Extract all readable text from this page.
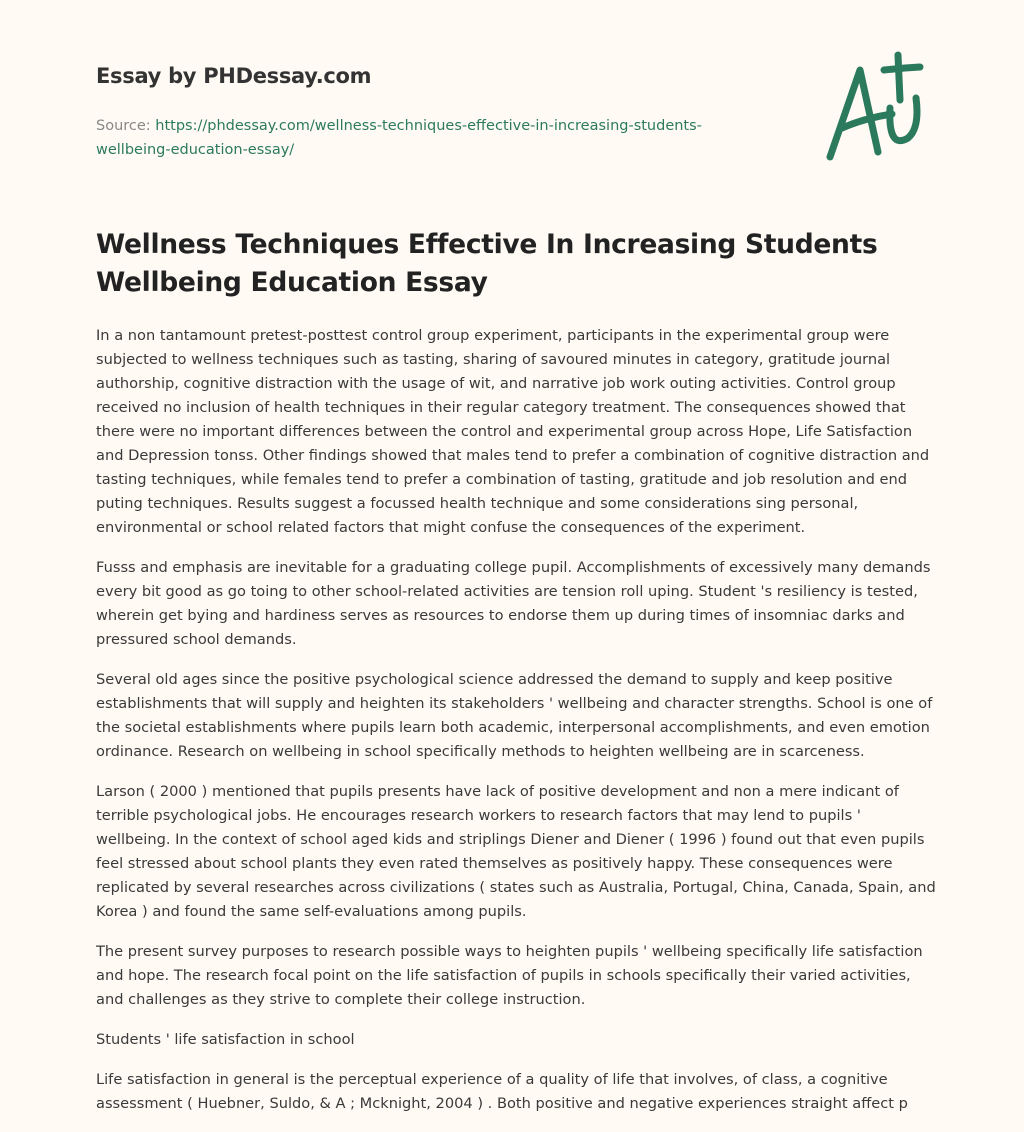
Essay by PHDessay.com
Source: https://phdessay.com/wellness-techniques-effective-in-increasing-students-wellbeing-education-essay/
Wellness Techniques Effective In Increasing Students Wellbeing Education Essay

In a non tantamount pretest-posttest control group experiment, participants in the experimental group were subjected to wellness techniques such as tasting, sharing of savoured minutes in category, gratitude journal authorship, cognitive distraction with the usage of wit, and narrative job work outing activities. Control group received no inclusion of health techniques in their regular category treatment. The consequences showed that there were no important differences between the control and experimental group across Hope, Life Satisfaction and Depression tonss. Other findings showed that males tend to prefer a combination of cognitive distraction and tasting techniques, while females tend to prefer a combination of tasting, gratitude and job resolution and end puting techniques. Results suggest a focussed health technique and some considerations sing personal, environmental or school related factors that might confuse the consequences of the experiment.

Fusss and emphasis are inevitable for a graduating college pupil. Accomplishments of excessively many demands every bit good as go toing to other school-related activities are tension roll uping. Student 's resiliency is tested, wherein get bying and hardiness serves as resources to endorse them up during times of insomniac darks and pressured school demands.

Several old ages since the positive psychological science addressed the demand to supply and keep positive establishments that will supply and heighten its stakeholders ' wellbeing and character strengths. School is one of the societal establishments where pupils learn both academic, interpersonal accomplishments, and even emotion ordinance. Research on wellbeing in school specifically methods to heighten wellbeing are in scarceness.

Larson ( 2000 ) mentioned that pupils presents have lack of positive development and non a mere indicant of terrible psychological jobs. He encourages research workers to research factors that may lend to pupils ' wellbeing. In the context of school aged kids and striplings Diener and Diener ( 1996 ) found out that even pupils feel stressed about school plants they even rated themselves as positively happy. These consequences were replicated by several researches across civilizations ( states such as Australia, Portugal, China, Canada, Spain, and Korea ) and found the same self-evaluations among pupils.

The present survey purposes to research possible ways to heighten pupils ' wellbeing specifically life satisfaction and hope. The research focal point on the life satisfaction of pupils in schools specifically their varied activities, and challenges as they strive to complete their college instruction.

Students ' life satisfaction in school

Life satisfaction in general is the perceptual experience of a quality of life that involves, of class, a cognitive assessment ( Huebner, Suldo, & A ; Mcknight, 2004 ) . Both positive and negative experiences straight affect p
